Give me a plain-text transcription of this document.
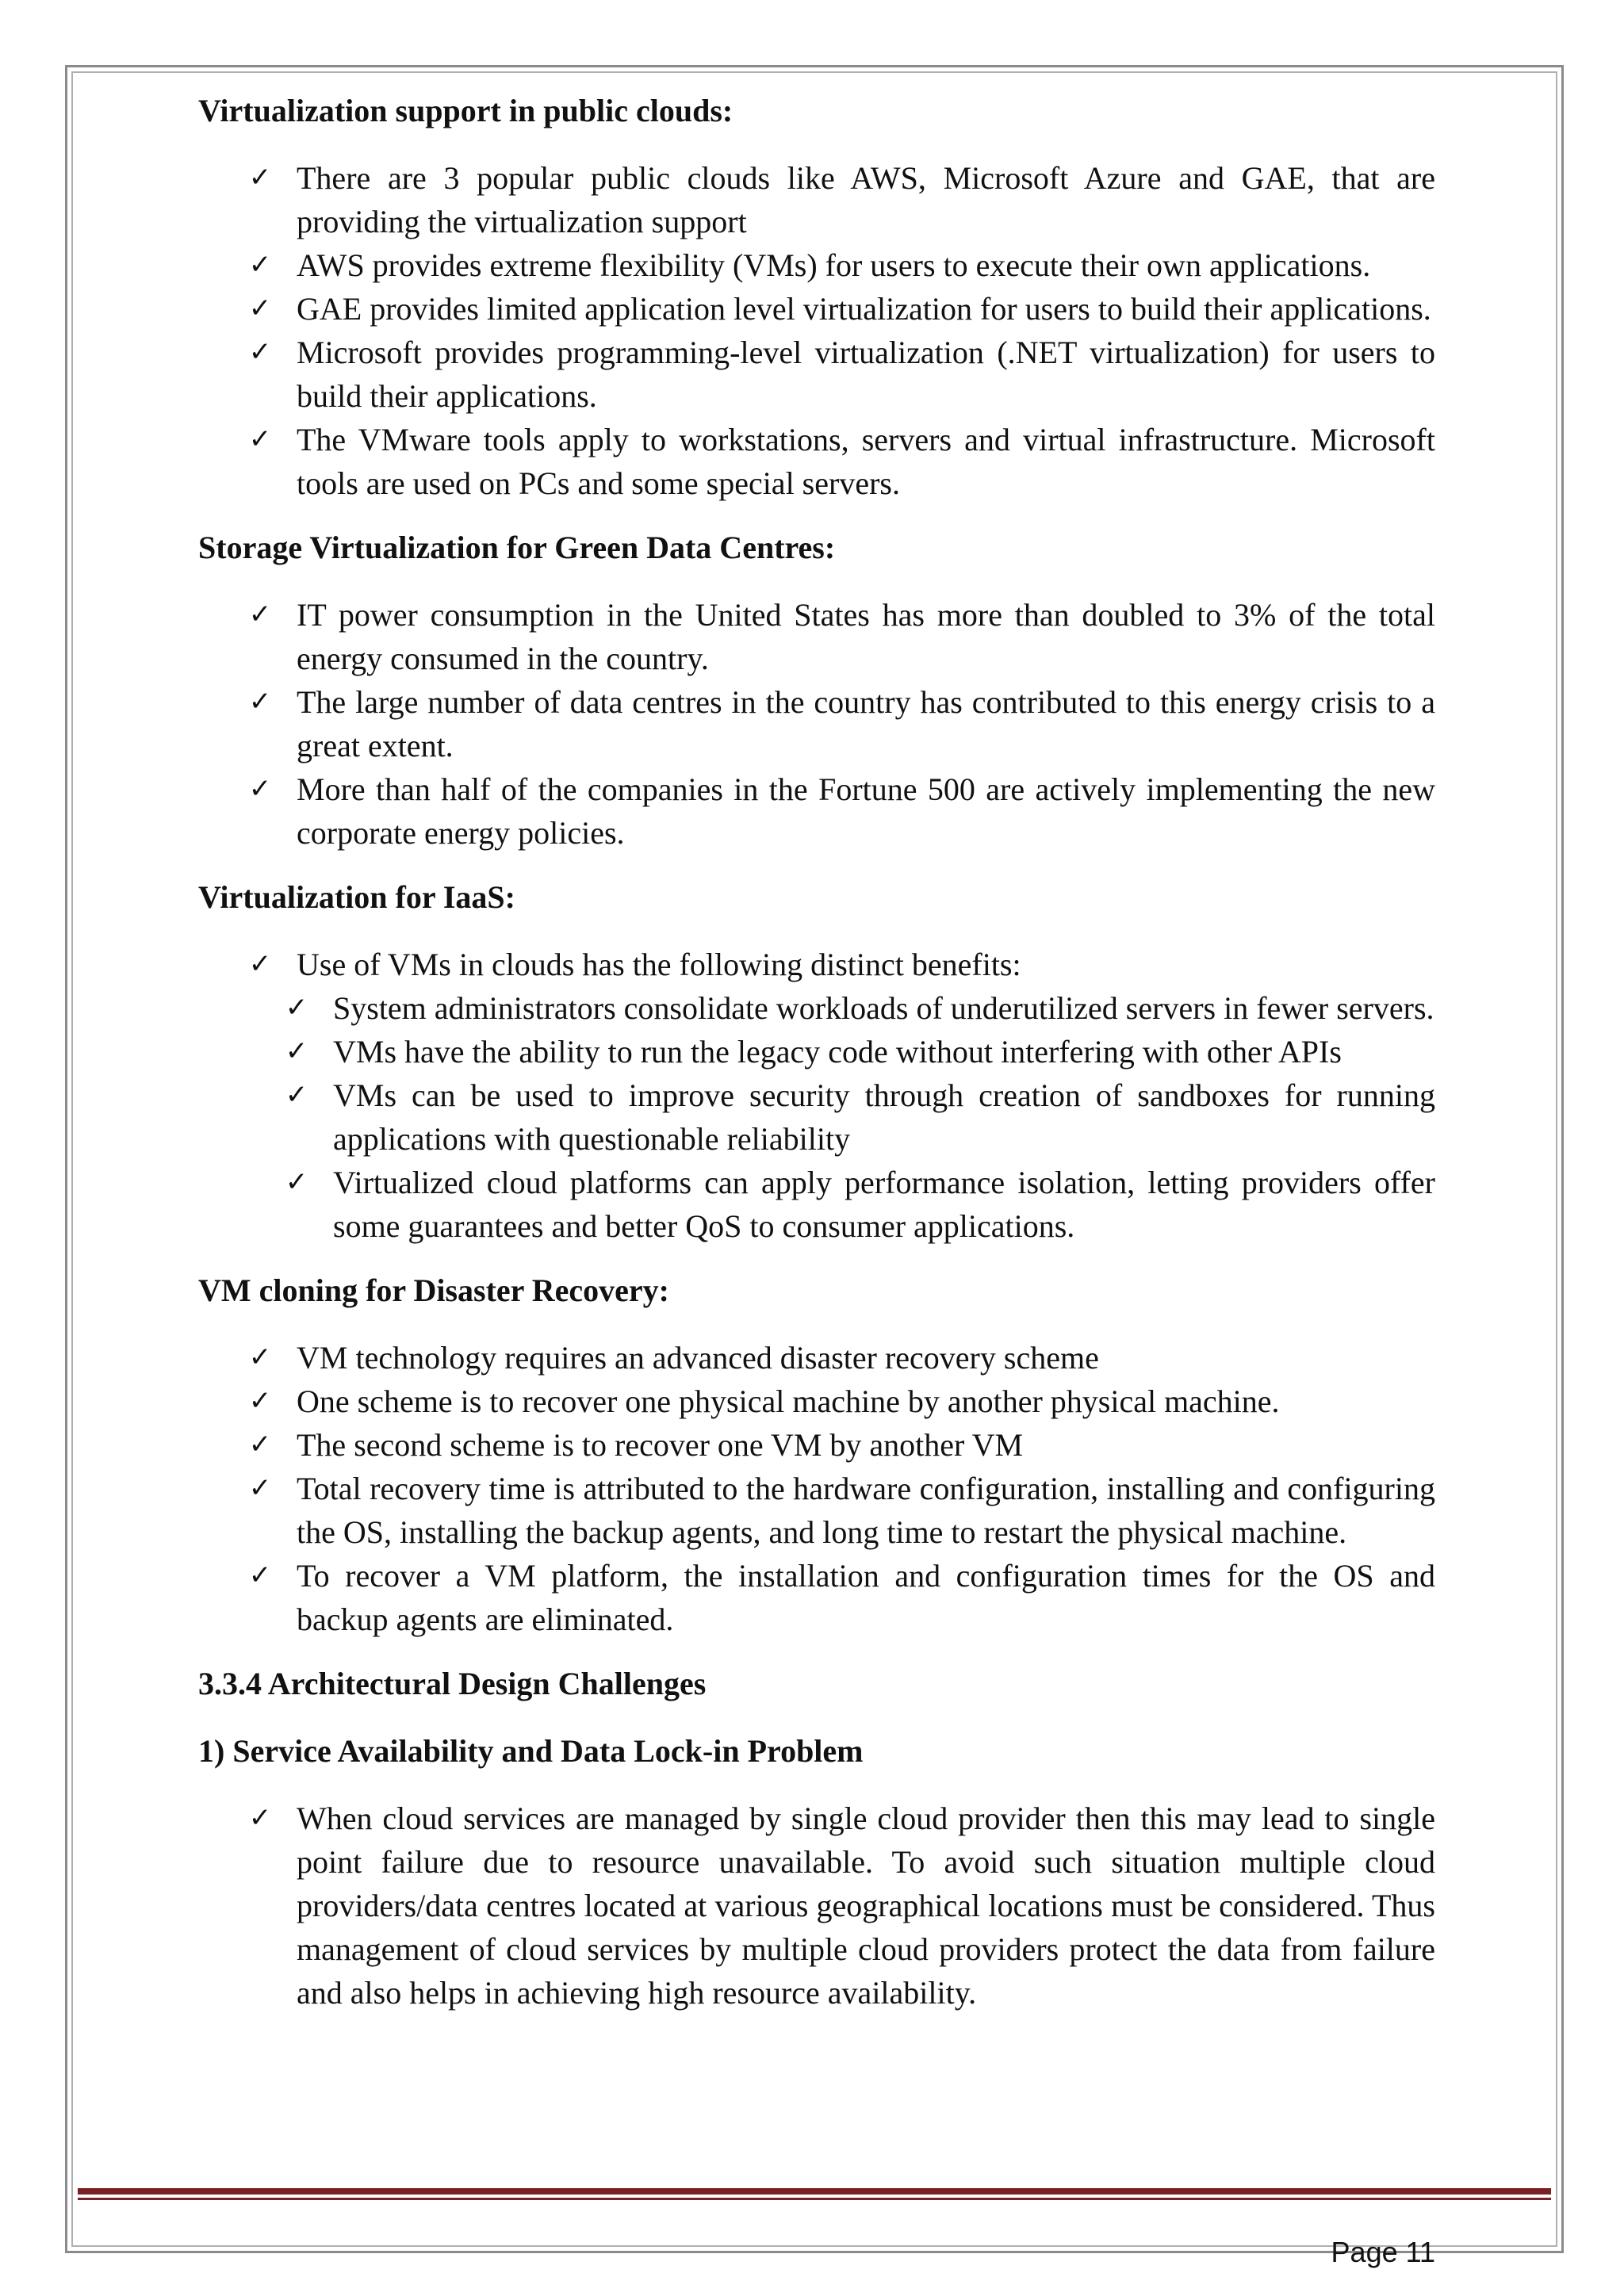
Virtualization support in public clouds:
✓ There are 3 popular public clouds like AWS, Microsoft Azure and GAE, that are providing the virtualization support
✓ AWS provides extreme flexibility (VMs) for users to execute their own applications.
✓ GAE provides limited application level virtualization for users to build their applications.
✓ Microsoft provides programming-level virtualization (.NET virtualization) for users to build their applications.
✓ The VMware tools apply to workstations, servers and virtual infrastructure. Microsoft tools are used on PCs and some special servers.
Storage Virtualization for Green Data Centres:
✓ IT power consumption in the United States has more than doubled to 3% of the total energy consumed in the country.
✓ The large number of data centres in the country has contributed to this energy crisis to a great extent.
✓ More than half of the companies in the Fortune 500 are actively implementing the new corporate energy policies.
Virtualization for IaaS:
✓ Use of VMs in clouds has the following distinct benefits:
✓ System administrators consolidate workloads of underutilized servers in fewer servers.
✓ VMs have the ability to run the legacy code without interfering with other APIs
✓ VMs can be used to improve security through creation of sandboxes for running applications with questionable reliability
✓ Virtualized cloud platforms can apply performance isolation, letting providers offer some guarantees and better QoS to consumer applications.
VM cloning for Disaster Recovery:
✓ VM technology requires an advanced disaster recovery scheme
✓ One scheme is to recover one physical machine by another physical machine.
✓ The second scheme is to recover one VM by another VM
✓ Total recovery time is attributed to the hardware configuration, installing and configuring the OS, installing the backup agents, and long time to restart the physical machine.
✓ To recover a VM platform, the installation and configuration times for the OS and backup agents are eliminated.
3.3.4 Architectural Design Challenges
1) Service Availability and Data Lock-in Problem
✓ When cloud services are managed by single cloud provider then this may lead to single point failure due to resource unavailable. To avoid such situation multiple cloud providers/data centres located at various geographical locations must be considered. Thus management of cloud services by multiple cloud providers protect the data from failure and also helps in achieving high resource availability.
Page 11
